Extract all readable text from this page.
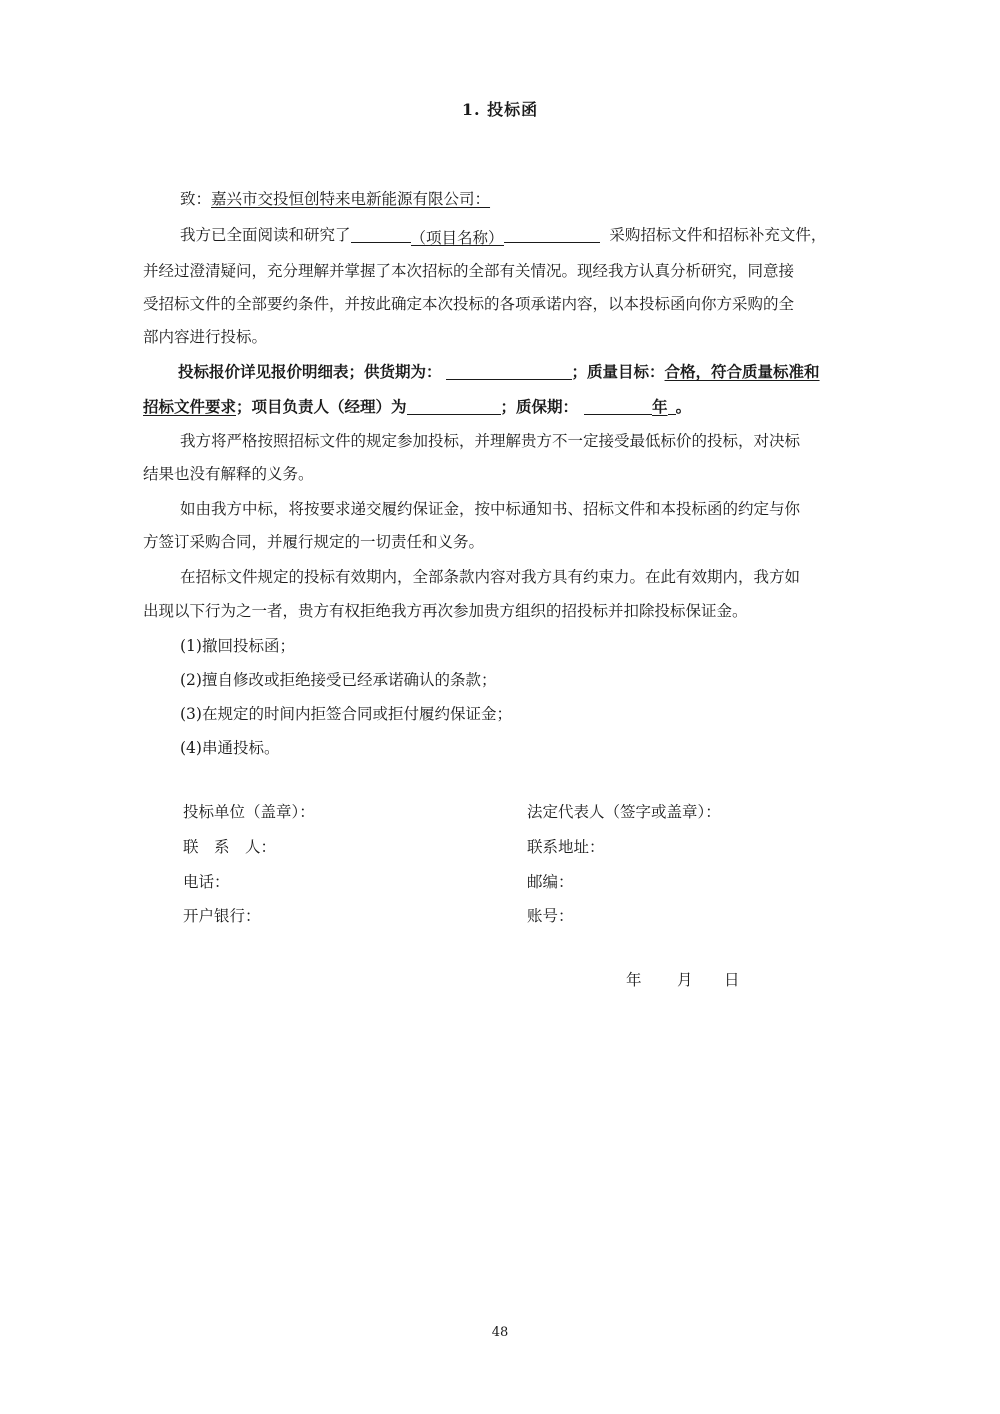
1. 投标函
致：嘉兴市交投恒创特来电新能源有限公司：
我方已全面阅读和研究了	（项目名称）	采购招标文件和招标补充文件，
并经过澄清疑问，充分理解并掌握了本次招标的全部有关情况。现经我方认真分析研究，同意接
受招标文件的全部要约条件，并按此确定本次投标的各项承诺内容，以本投标函向你方采购的全
部内容进行投标。
投标报价详见报价明细表；供货期为：	；质量目标：合格，符合质量标准和
招标文件要求；项目负责人（经理）为	；质保期：	年 。
我方将严格按照招标文件的规定参加投标，并理解贵方不一定接受最低标价的投标，对决标
结果也没有解释的义务。
如由我方中标，将按要求递交履约保证金，按中标通知书、招标文件和本投标函的约定与你
方签订采购合同，并履行规定的一切责任和义务。
在招标文件规定的投标有效期内，全部条款内容对我方具有约束力。在此有效期内，我方如
出现以下行为之一者，贵方有权拒绝我方再次参加贵方组织的招投标并扣除投标保证金。
(1)撤回投标函；
(2)擅自修改或拒绝接受已经承诺确认的条款；
(3)在规定的时间内拒签合同或拒付履约保证金；
(4)串通投标。
投标单位（盖章）：	法定代表人（签字或盖章）：
联　系　人：	联系地址：
电话：	邮编：
开户银行：	账号：
年 月 日
48
